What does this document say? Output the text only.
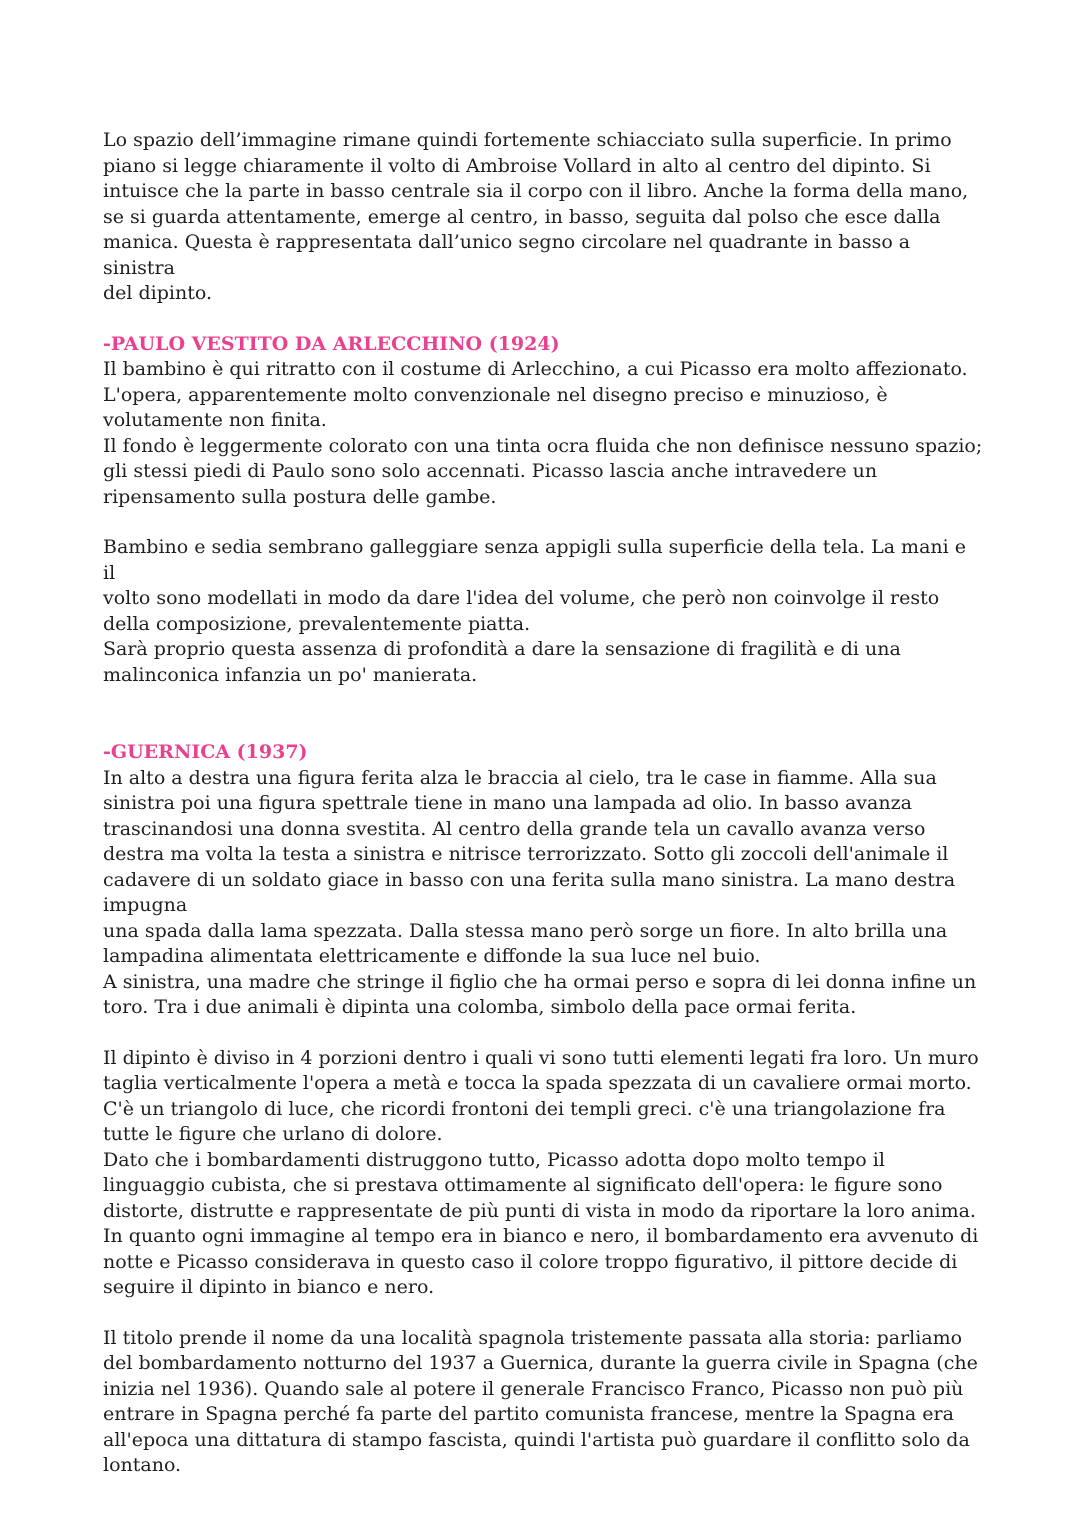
Lo spazio dell’immagine rimane quindi fortemente schiacciato sulla superficie. In primo
piano si legge chiaramente il volto di Ambroise Vollard in alto al centro del dipinto. Si
intuisce che la parte in basso centrale sia il corpo con il libro. Anche la forma della mano,
se si guarda attentamente, emerge al centro, in basso, seguita dal polso che esce dalla
manica. Questa è rappresentata dall’unico segno circolare nel quadrante in basso a sinistra
del dipinto.

-PAULO VESTITO DA ARLECCHINO (1924)

Il bambino è qui ritratto con il costume di Arlecchino, a cui Picasso era molto affezionato.
L'opera, apparentemente molto convenzionale nel disegno preciso e minuzioso, è
volutamente non finita.
Il fondo è leggermente colorato con una tinta ocra fluida che non definisce nessuno spazio;
gli stessi piedi di Paulo sono solo accennati. Picasso lascia anche intravedere un
ripensamento sulla postura delle gambe.

Bambino e sedia sembrano galleggiare senza appigli sulla superficie della tela. La mani e il
volto sono modellati in modo da dare l'idea del volume, che però non coinvolge il resto
della composizione, prevalentemente piatta.
Sarà proprio questa assenza di profondità a dare la sensazione di fragilità e di una
malinconica infanzia un po' manierata.

-GUERNICA (1937)

In alto a destra una figura ferita alza le braccia al cielo, tra le case in fiamme. Alla sua
sinistra poi una figura spettrale tiene in mano una lampada ad olio. In basso avanza
trascinandosi una donna svestita. Al centro della grande tela un cavallo avanza verso
destra ma volta la testa a sinistra e nitrisce terrorizzato. Sotto gli zoccoli dell'animale il
cadavere di un soldato giace in basso con una ferita sulla mano sinistra. La mano destra
impugna
una spada dalla lama spezzata. Dalla stessa mano però sorge un fiore. In alto brilla una
lampadina alimentata elettricamente e diffonde la sua luce nel buio.
A sinistra, una madre che stringe il figlio che ha ormai perso e sopra di lei donna infine un
toro. Tra i due animali è dipinta una colomba, simbolo della pace ormai ferita.

Il dipinto è diviso in 4 porzioni dentro i quali vi sono tutti elementi legati fra loro. Un muro
taglia verticalmente l'opera a metà e tocca la spada spezzata di un cavaliere ormai morto.
C'è un triangolo di luce, che ricordi frontoni dei templi greci. c'è una triangolazione fra
tutte le figure che urlano di dolore.
Dato che i bombardamenti distruggono tutto, Picasso adotta dopo molto tempo il
linguaggio cubista, che si prestava ottimamente al significato dell'opera: le figure sono
distorte, distrutte e rappresentate de più punti di vista in modo da riportare la loro anima.
In quanto ogni immagine al tempo era in bianco e nero, il bombardamento era avvenuto di
notte e Picasso considerava in questo caso il colore troppo figurativo, il pittore decide di
seguire il dipinto in bianco e nero.

Il titolo prende il nome da una località spagnola tristemente passata alla storia: parliamo
del bombardamento notturno del 1937 a Guernica, durante la guerra civile in Spagna (che
inizia nel 1936). Quando sale al potere il generale Francisco Franco, Picasso non può più
entrare in Spagna perché fa parte del partito comunista francese, mentre la Spagna era
all'epoca una dittatura di stampo fascista, quindi l'artista può guardare il conflitto solo da
lontano.
